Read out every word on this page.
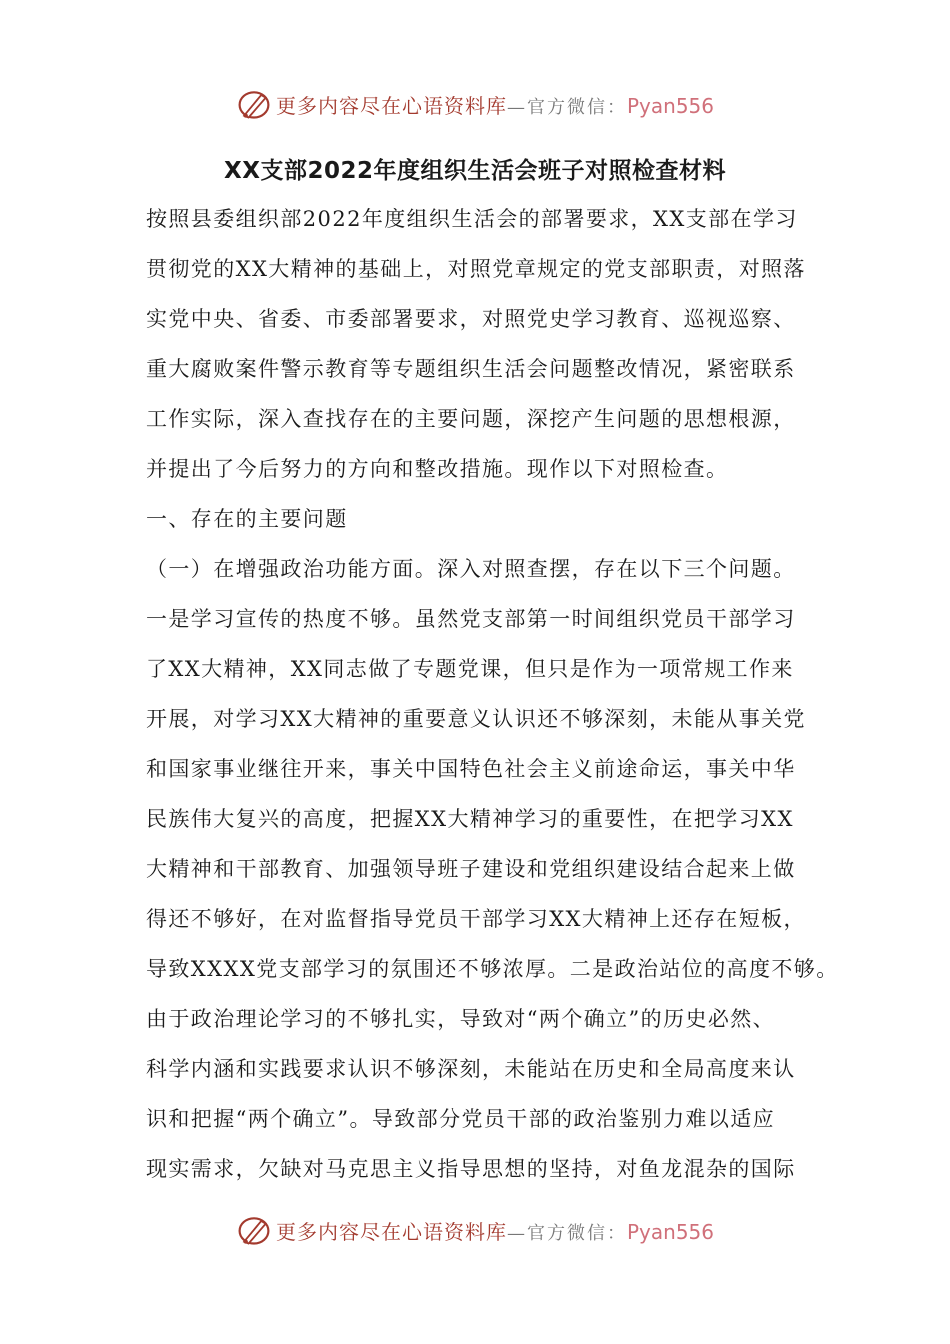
更多内容尽在心语资料库—官方微信：Pyan556
XX支部2022年度组织生活会班子对照检查材料
按照县委组织部2022年度组织生活会的部署要求，XX支部在学习
贯彻党的XX大精神的基础上，对照党章规定的党支部职责，对照落
实党中央、省委、市委部署要求，对照党史学习教育、巡视巡察、
重大腐败案件警示教育等专题组织生活会问题整改情况，紧密联系
工作实际，深入查找存在的主要问题，深挖产生问题的思想根源，
并提出了今后努力的方向和整改措施。现作以下对照检查。
一、存在的主要问题
（一）在增强政治功能方面。深入对照查摆，存在以下三个问题。
一是学习宣传的热度不够。虽然党支部第一时间组织党员干部学习
了XX大精神，XX同志做了专题党课，但只是作为一项常规工作来
开展，对学习XX大精神的重要意义认识还不够深刻，未能从事关党
和国家事业继往开来，事关中国特色社会主义前途命运，事关中华
民族伟大复兴的高度，把握XX大精神学习的重要性，在把学习XX
大精神和干部教育、加强领导班子建设和党组织建设结合起来上做
得还不够好，在对监督指导党员干部学习XX大精神上还存在短板，
导致XXXX党支部学习的氛围还不够浓厚。二是政治站位的高度不够。
由于政治理论学习的不够扎实，导致对“两个确立”的历史必然、
科学内涵和实践要求认识不够深刻，未能站在历史和全局高度来认
识和把握“两个确立”。导致部分党员干部的政治鉴别力难以适应
现实需求，欠缺对马克思主义指导思想的坚持，对鱼龙混杂的国际
更多内容尽在心语资料库—官方微信：Pyan556
